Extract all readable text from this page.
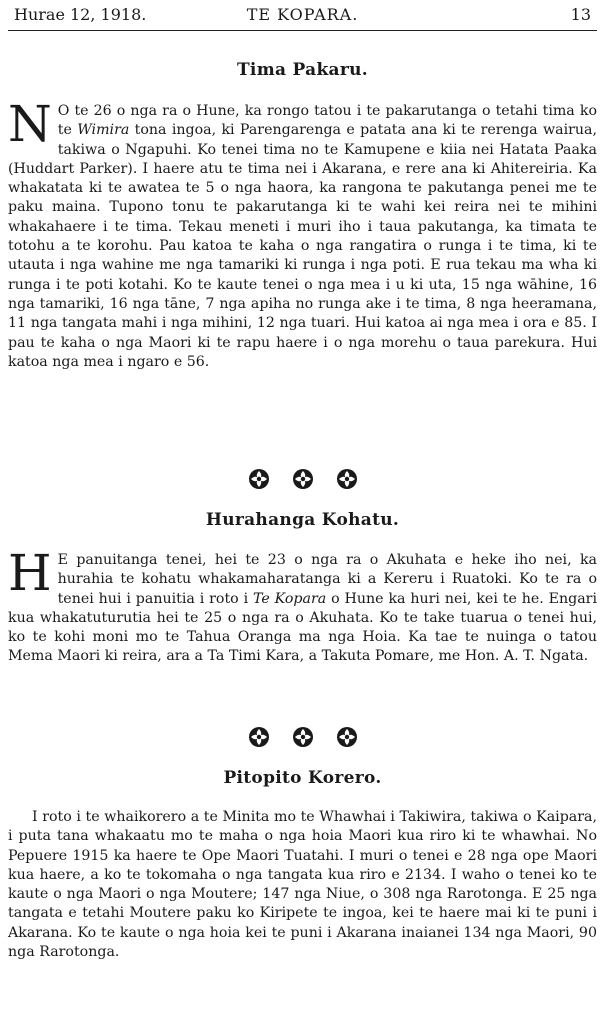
Hurae 12, 1918.	TE KOPARA.	13
Tima Pakaru.

N O te 26 o nga ra o Hune, ka rongo tatou i te pakarutanga o tetahi tima ko te Wimira tona ingoa, ki Parengarenga e patata ana ki te rerenga wairua, takiwa o Ngapuhi. Ko tenei tima no te Kamupene e kiia nei Hatata Paaka (Huddart Parker). I haere atu te tima nei i Akarana, e rere ana ki Ahitereiria. Ka whakatata ki te awatea te 5 o nga haora, ka rangona te pakutanga penei me te paku maina. Tupono tonu te pakarutanga ki te wahi kei reira nei te mihini whakahaere i te tima. Tekau meneti i muri iho i taua pakutanga, ka timata te totohu a te korohu. Pau katoa te kaha o nga rangatira o runga i te tima, ki te utauta i nga wahine me nga tamariki ki runga i nga poti. E rua tekau ma wha ki runga i te poti kotahi. Ko te kaute tenei o nga mea i u ki uta, 15 nga wāhine, 16 nga tamariki, 16 nga tāne, 7 nga apiha no runga ake i te tima, 8 nga heeramana, 11 nga tangata mahi i nga mihini, 12 nga tuari. Hui katoa ai nga mea i ora e 85. I pau te kaha o nga Maori ki te rapu haere i o nga morehu o taua parekura. Hui katoa nga mea i ngaro e 56.

Hurahanga Kohatu.

H E panuitanga tenei, hei te 23 o nga ra o Akuhata e heke iho nei, ka hurahia te kohatu whakamaharatanga ki a Kereru i Ruatoki. Ko te ra o tenei hui i panuitia i roto i Te Kopara o Hune ka huri nei, kei te he. Engari kua whakatuturutia hei te 25 o nga ra o Akuhata. Ko te take tuarua o tenei hui, ko te kohi moni mo te Tahua Oranga ma nga Hoia. Ka tae te nuinga o tatou Mema Maori ki reira, ara a Ta Timi Kara, a Takuta Pomare, me Hon. A. T. Ngata.

Pitopito Korero.

I roto i te whaikorero a te Minita mo te Whawhai i Takiwira, takiwa o Kaipara, i puta tana whakaatu mo te maha o nga hoia Maori kua riro ki te whawhai. No Pepuere 1915 ka haere te Ope Maori Tuatahi. I muri o tenei e 28 nga ope Maori kua haere, a ko te tokomaha o nga tangata kua riro e 2134. I waho o tenei ko te kaute o nga Maori o nga Moutere; 147 nga Niue, o 308 nga Rarotonga. E 25 nga tangata e tetahi Moutere paku ko Kiripete te ingoa, kei te haere mai ki te puni i Akarana. Ko te kaute o nga hoia kei te puni i Akarana inaianei 134 nga Maori, 90 nga Rarotonga.
